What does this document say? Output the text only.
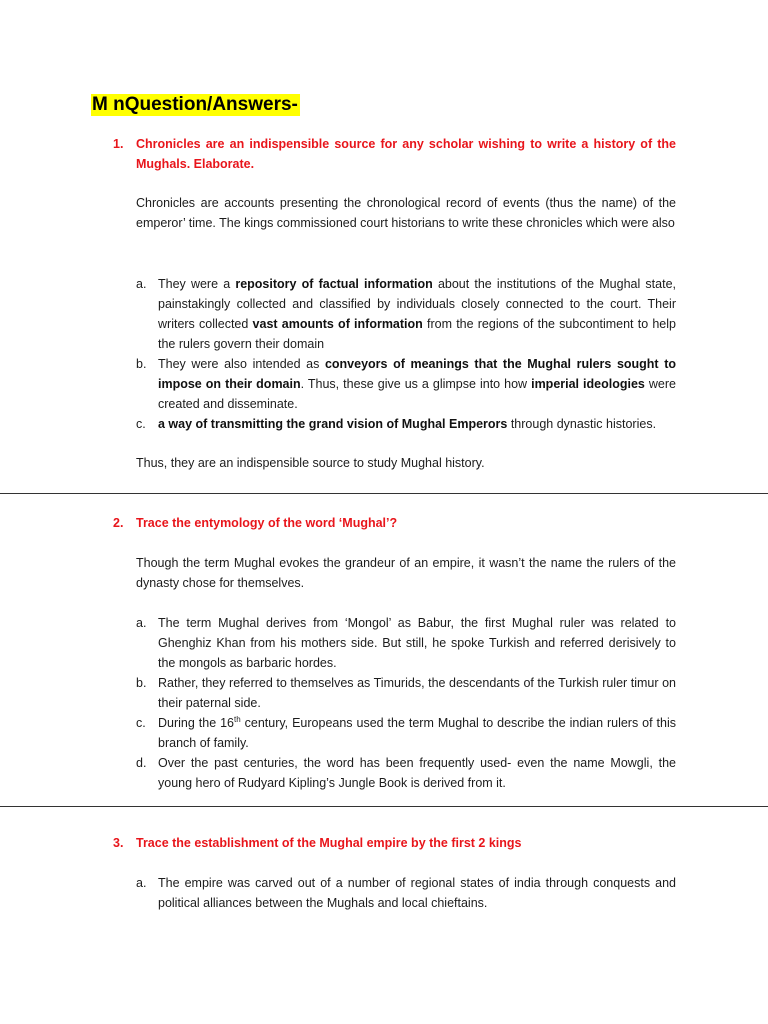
M nQuestion/Answers-
1. Chronicles are an indispensible source for any scholar wishing to write a history of the Mughals. Elaborate.
Chronicles are accounts presenting the chronological record of events (thus the name) of the emperor’ time. The kings commissioned court historians to write these chronicles which were also
a. They were a repository of factual information about the institutions of the Mughal state, painstakingly collected and classified by individuals closely connected to the court. Their writers collected vast amounts of information from the regions of the subcontiment to help the rulers govern their domain
b. They were also intended as conveyors of meanings that the Mughal rulers sought to impose on their domain. Thus, these give us a glimpse into how imperial ideologies were created and disseminate.
c. a way of transmitting the grand vision of Mughal Emperors through dynastic histories.
Thus, they are an indispensible source to study Mughal history.
2. Trace the entymology of the word ‘Mughal’?
Though the term Mughal evokes the grandeur of an empire, it wasn’t the name the rulers of the dynasty chose for themselves.
a. The term Mughal derives from ‘Mongol’ as Babur, the first Mughal ruler was related to Ghenghiz Khan from his mothers side. But still, he spoke Turkish and referred derisively to the mongols as barbaric hordes.
b. Rather, they referred to themselves as Timurids, the descendants of the Turkish ruler timur on their paternal side.
c. During the 16th century, Europeans used the term Mughal to describe the indian rulers of this branch of family.
d. Over the past centuries, the word has been frequently used- even the name Mowgli, the young hero of Rudyard Kipling’s Jungle Book is derived from it.
3. Trace the establishment of the Mughal empire by the first 2 kings
a. The empire was carved out of a number of regional states of india through conquests and political alliances between the Mughals and local chieftains.
